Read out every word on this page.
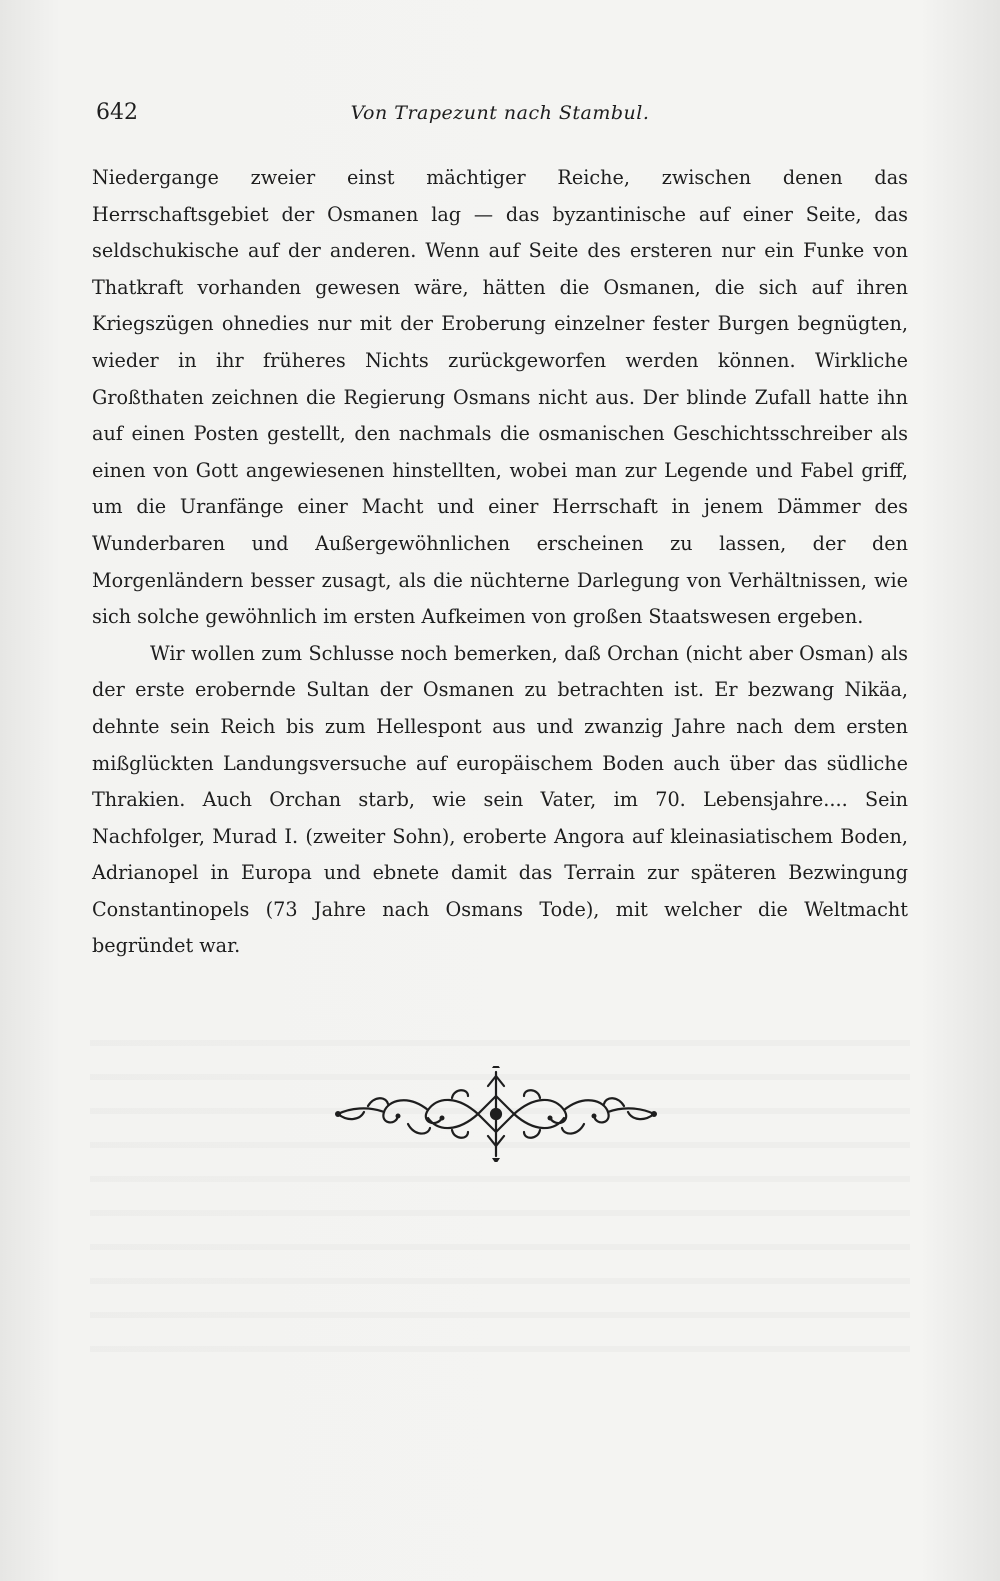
642	Von Trapezunt nach Stambul.

Niedergange zweier einst mächtiger Reiche, zwischen denen das Herrschaftsgebiet der Osmanen lag — das byzantinische auf einer Seite, das seldschukische auf der anderen. Wenn auf Seite des ersteren nur ein Funke von Thatkraft vorhanden gewesen wäre, hätten die Osmanen, die sich auf ihren Kriegszügen ohnedies nur mit der Eroberung einzelner fester Burgen begnügten, wieder in ihr früheres Nichts zurückgeworfen werden können. Wirkliche Großthaten zeichnen die Regierung Osmans nicht aus. Der blinde Zufall hatte ihn auf einen Posten gestellt, den nachmals die osmanischen Geschichtsschreiber als einen von Gott angewiesenen hinstellten, wobei man zur Legende und Fabel griff, um die Uranfänge einer Macht und einer Herrschaft in jenem Dämmer des Wunderbaren und Außergewöhnlichen erscheinen zu lassen, der den Morgenländern besser zusagt, als die nüchterne Darlegung von Verhältnissen, wie sich solche gewöhnlich im ersten Aufkeimen von großen Staatswesen ergeben.

Wir wollen zum Schlusse noch bemerken, daß Orchan (nicht aber Osman) als der erste erobernde Sultan der Osmanen zu betrachten ist. Er bezwang Nikäa, dehnte sein Reich bis zum Hellespont aus und zwanzig Jahre nach dem ersten mißglückten Landungsversuche auf europäischem Boden auch über das südliche Thrakien. Auch Orchan starb, wie sein Vater, im 70. Lebensjahre.... Sein Nachfolger, Murad I. (zweiter Sohn), eroberte Angora auf kleinasiatischem Boden, Adrianopel in Europa und ebnete damit das Terrain zur späteren Bezwingung Constantinopels (73 Jahre nach Osmans Tode), mit welcher die Weltmacht begründet war.
